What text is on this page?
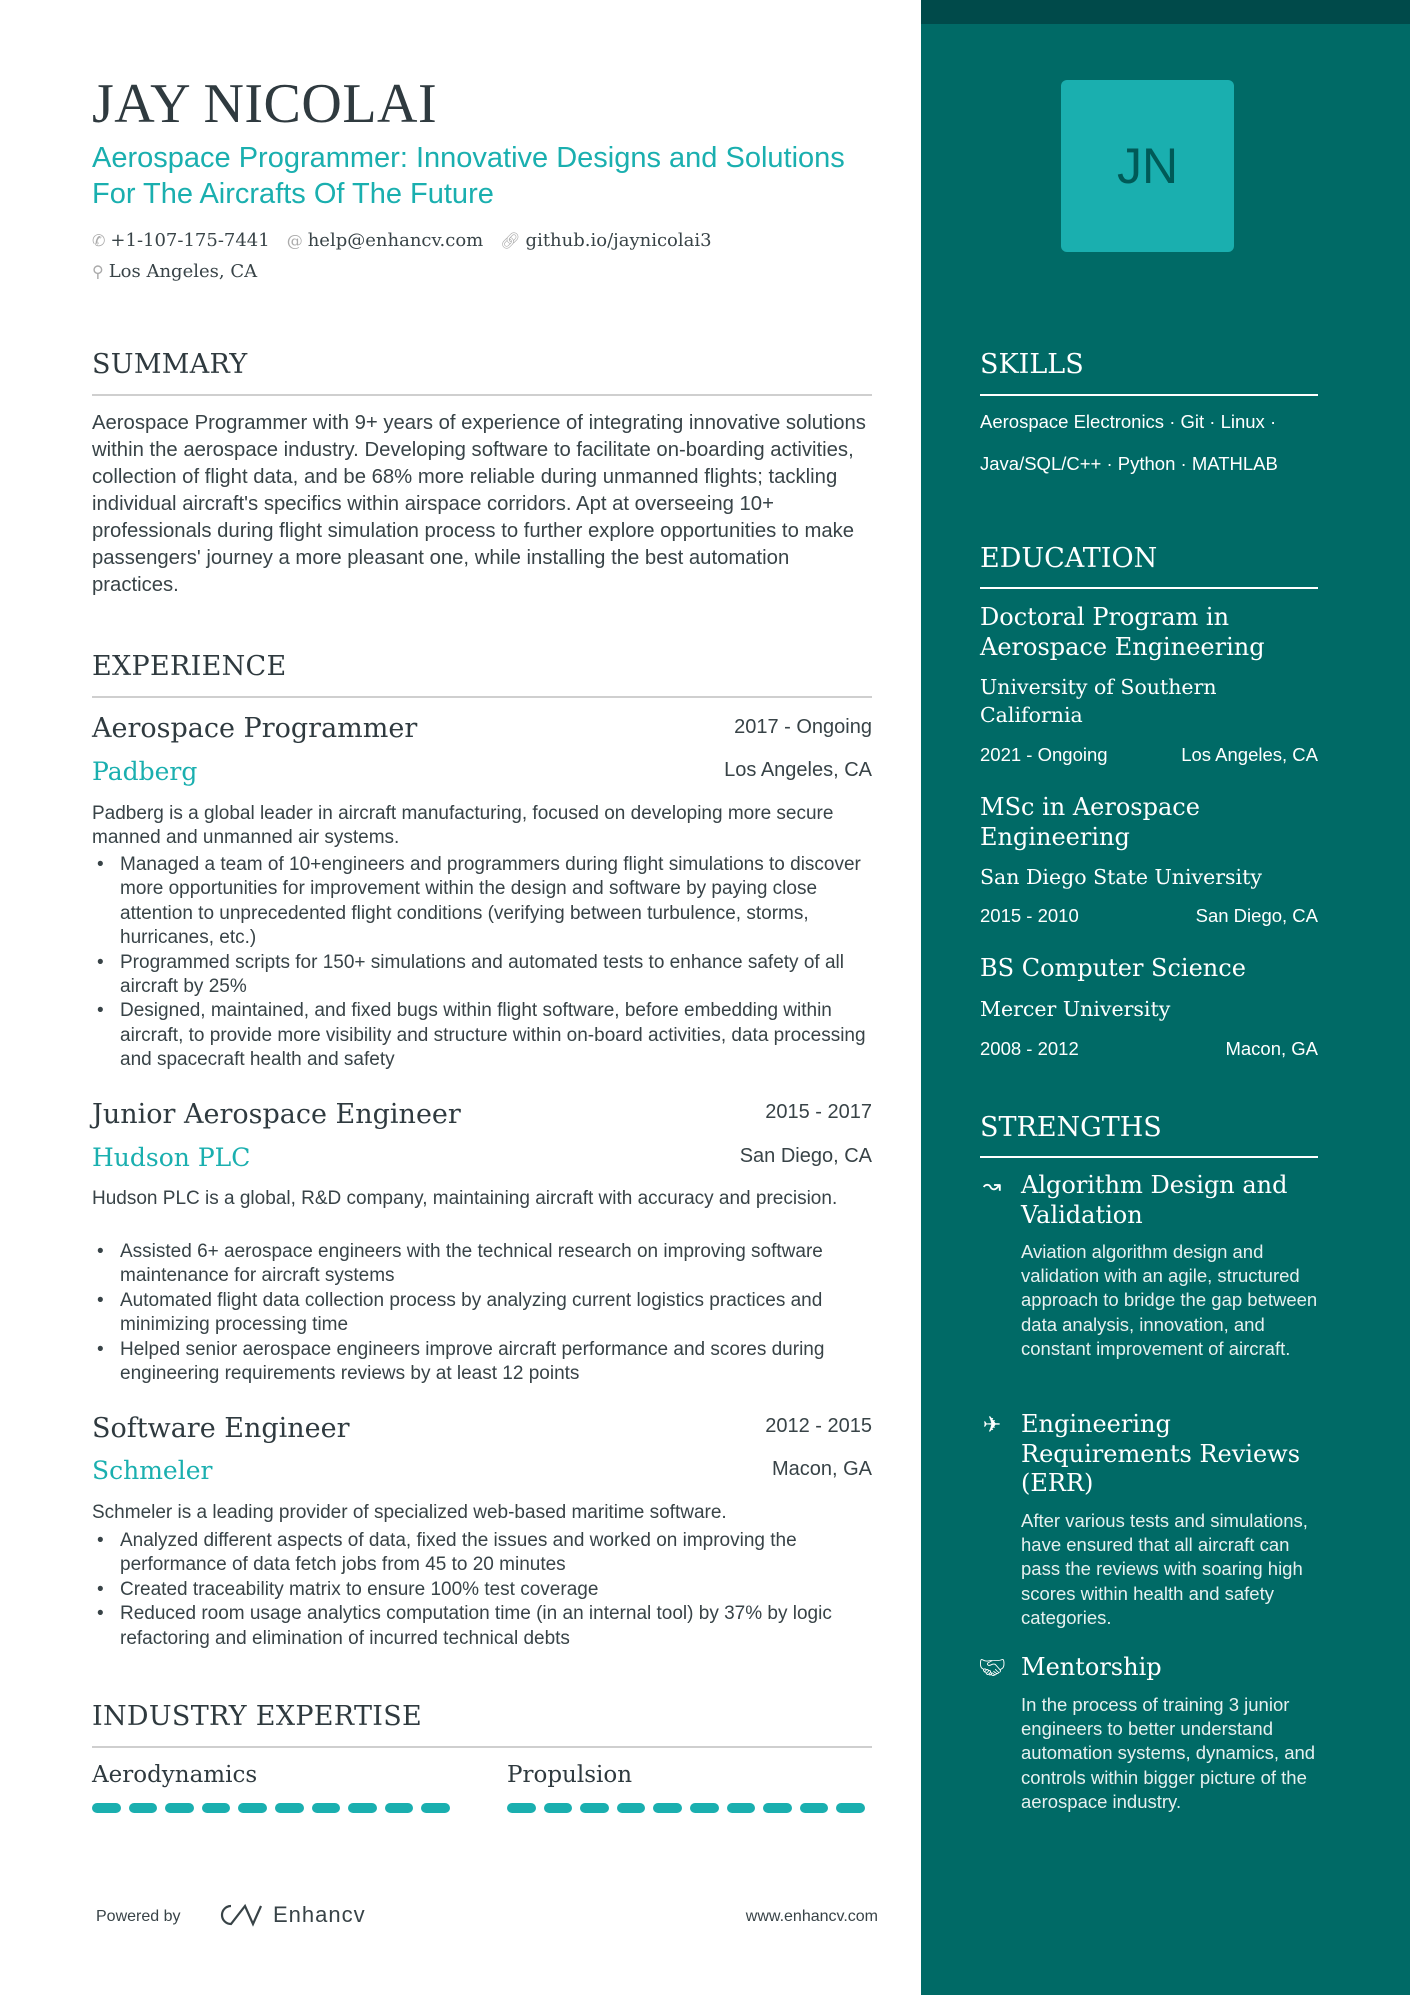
JAY NICOLAI
Aerospace Programmer: Innovative Designs and Solutions For The Aircrafts Of The Future
✆ +1-107-175-7441 @ help@enhancv.com 🔗︎ github.io/jaynicolai3
⚲ Los Angeles, CA
SUMMARY
Aerospace Programmer with 9+ years of experience of integrating innovative solutions within the aerospace industry. Developing software to facilitate on-boarding activities, collection of flight data, and be 68% more reliable during unmanned flights; tackling individual aircraft's specifics within airspace corridors. Apt at overseeing 10+ professionals during flight simulation process to further explore opportunities to make passengers' journey a more pleasant one, while installing the best automation practices.
EXPERIENCE
Aerospace Programmer	2017 - Ongoing
Padberg	Los Angeles, CA
Padberg is a global leader in aircraft manufacturing, focused on developing more secure manned and unmanned air systems.
• Managed a team of 10+engineers and programmers during flight simulations to discover more opportunities for improvement within the design and software by paying close attention to unprecedented flight conditions (verifying between turbulence, storms, hurricanes, etc.)
• Programmed scripts for 150+ simulations and automated tests to enhance safety of all aircraft by 25%
• Designed, maintained, and fixed bugs within flight software, before embedding within aircraft, to provide more visibility and structure within on-board activities, data processing and spacecraft health and safety
Junior Aerospace Engineer	2015 - 2017
Hudson PLC	San Diego, CA
Hudson PLC is a global, R&D company, maintaining aircraft with accuracy and precision.
• Assisted 6+ aerospace engineers with the technical research on improving software maintenance for aircraft systems
• Automated flight data collection process by analyzing current logistics practices and minimizing processing time
• Helped senior aerospace engineers improve aircraft performance and scores during engineering requirements reviews by at least 12 points
Software Engineer	2012 - 2015
Schmeler	Macon, GA
Schmeler is a leading provider of specialized web-based maritime software.
• Analyzed different aspects of data, fixed the issues and worked on improving the performance of data fetch jobs from 45 to 20 minutes
• Created traceability matrix to ensure 100% test coverage
• Reduced room usage analytics computation time (in an internal tool) by 37% by logic refactoring and elimination of incurred technical debts
INDUSTRY EXPERTISE
Aerodynamics	Propulsion
Powered by	Enhancv	www.enhancv.com
JN
SKILLS
Aerospace Electronics · Git · Linux ·
Java/SQL/C++ · Python · MATHLAB
EDUCATION
Doctoral Program in Aerospace Engineering
University of Southern California
2021 - Ongoing	Los Angeles, CA
MSc in Aerospace Engineering
San Diego State University
2015 - 2010	San Diego, CA
BS Computer Science
Mercer University
2008 - 2012	Macon, GA
STRENGTHS
↝ Algorithm Design and Validation
Aviation algorithm design and validation with an agile, structured approach to bridge the gap between data analysis, innovation, and constant improvement of aircraft.
✈ Engineering Requirements Reviews (ERR)
After various tests and simulations, have ensured that all aircraft can pass the reviews with soaring high scores within health and safety categories.
🤝︎ Mentorship
In the process of training 3 junior engineers to better understand automation systems, dynamics, and controls within bigger picture of the aerospace industry.
